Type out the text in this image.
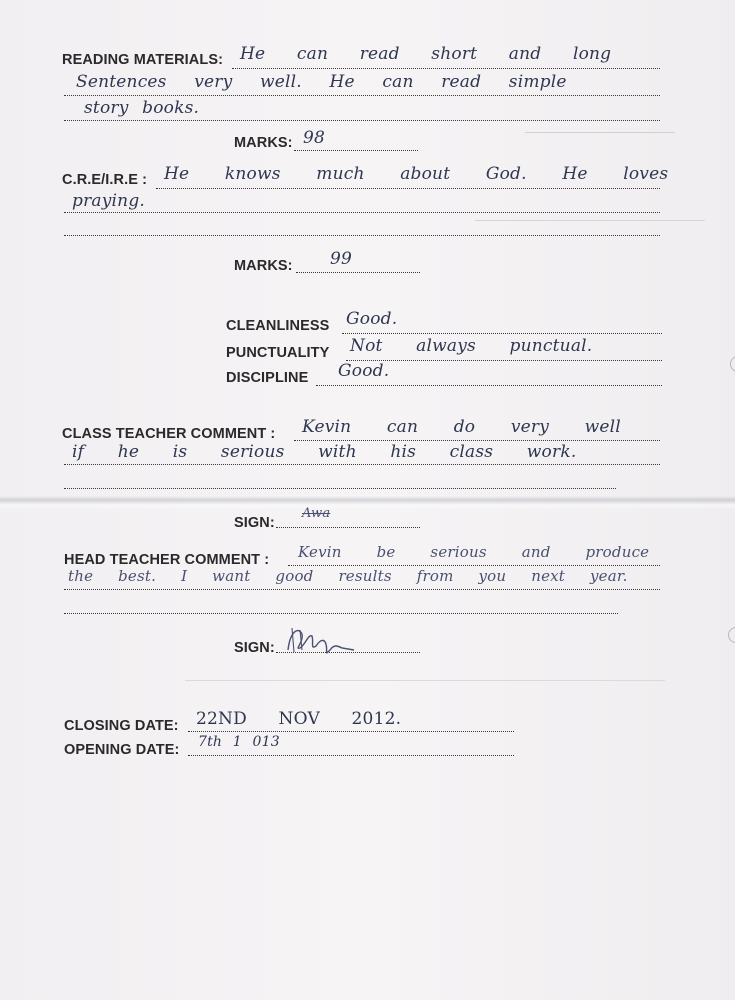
READING MATERIALS: He can read short and long
Sentences very well. He can read simple
story books.
MARKS: 98
C.R.E/I.R.E : He knows much about God. He loves
praying.
MARKS: 99
CLEANLINESS Good.
PUNCTUALITY Not always punctual.
DISCIPLINE Good.
CLASS TEACHER COMMENT : Kevin can do very well
if he is serious with his class work.
SIGN:
Awa
HEAD TEACHER COMMENT : Kevin be serious and produce
the best. I want good results from you next year.
SIGN:
CLOSING DATE: 22ND NOV 2012.
OPENING DATE: 7th 1 013
